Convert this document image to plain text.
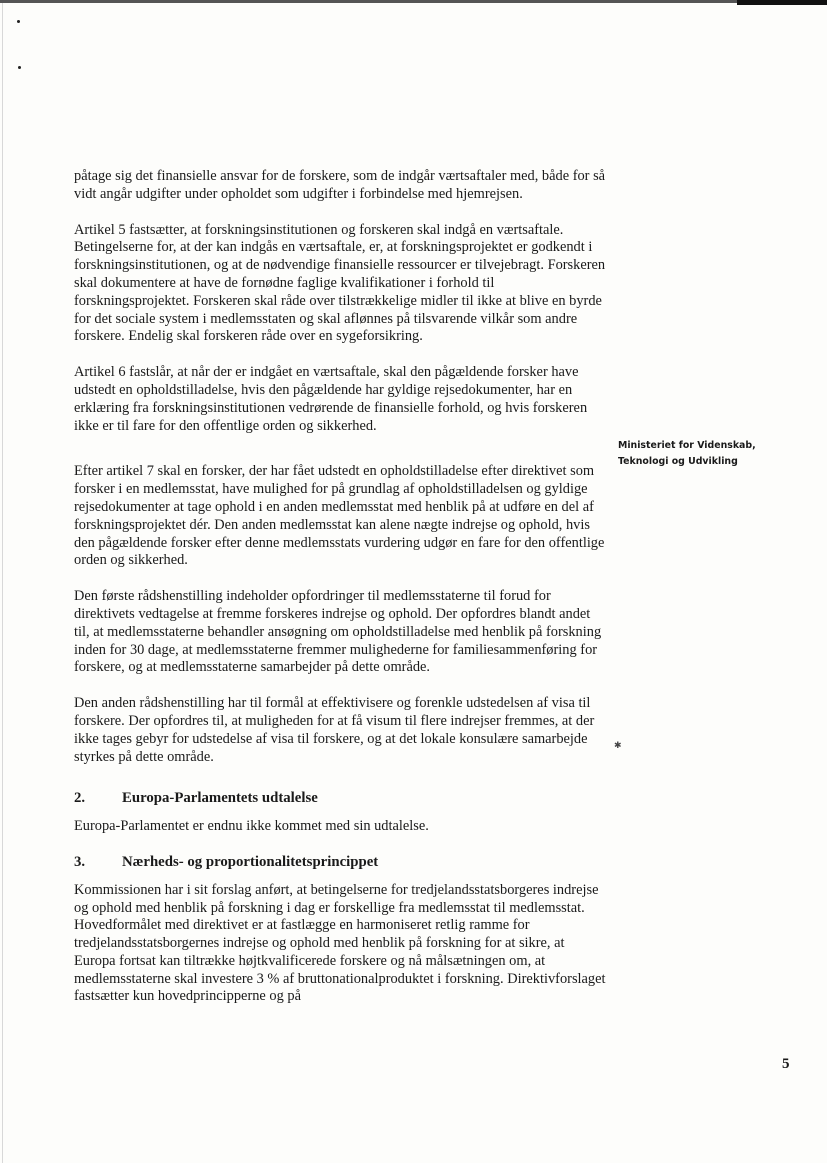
påtage sig det finansielle ansvar for de forskere, som de indgår værtsaftaler med, både for så vidt angår udgifter under opholdet som udgifter i forbindelse med hjemrejsen.

Artikel 5 fastsætter, at forskningsinstitutionen og forskeren skal indgå en værtsaftale. Betingelserne for, at der kan indgås en værtsaftale, er, at forskningsprojektet er godkendt i forskningsinstitutionen, og at de nødvendige finansielle ressourcer er tilvejebragt. Forskeren skal dokumentere at have de fornødne faglige kvalifikationer i forhold til forskningsprojektet. Forskeren skal råde over tilstrækkelige midler til ikke at blive en byrde for det sociale system i medlemsstaten og skal aflønnes på tilsvarende vilkår som andre forskere. Endelig skal forskeren råde over en sygeforsikring.

Artikel 6 fastslår, at når der er indgået en værtsaftale, skal den pågældende forsker have udstedt en opholdstilladelse, hvis den pågældende har gyldige rejsedokumenter, har en erklæring fra forskningsinstitutionen vedrørende de finansielle forhold, og hvis forskeren ikke er til fare for den offentlige orden og sikkerhed.

Efter artikel 7 skal en forsker, der har fået udstedt en opholdstilladelse efter direktivet som forsker i en medlemsstat, have mulighed for på grundlag af opholdstilladelsen og gyldige rejsedokumenter at tage ophold i en anden medlemsstat med henblik på at udføre en del af forskningsprojektet dér. Den anden medlemsstat kan alene nægte indrejse og ophold, hvis den pågældende forsker efter denne medlemsstats vurdering udgør en fare for den offentlige orden og sikkerhed.

Den første rådshenstilling indeholder opfordringer til medlemsstaterne til forud for direktivets vedtagelse at fremme forskeres indrejse og ophold. Der opfordres blandt andet til, at medlemsstaterne behandler ansøgning om opholdstilladelse med henblik på forskning inden for 30 dage, at medlemsstaterne fremmer mulighederne for familiesammenføring for forskere, og at medlemsstaterne samarbejder på dette område.

Den anden rådshenstilling har til formål at effektivisere og forenkle udstedelsen af visa til forskere. Der opfordres til, at muligheden for at få visum til flere indrejser fremmes, at der ikke tages gebyr for udstedelse af visa til forskere, og at det lokale konsulære samarbejde styrkes på dette område.

2.	Europa-Parlamentets udtalelse

Europa-Parlamentet er endnu ikke kommet med sin udtalelse.

3.	Nærheds- og proportionalitetsprincippet

Kommissionen har i sit forslag anført, at betingelserne for tredjelandsstatsborgeres indrejse og ophold med henblik på forskning i dag er forskellige fra medlemsstat til medlemsstat. Hovedformålet med direktivet er at fastlægge en harmoniseret retlig ramme for tredjelandsstatsborgernes indrejse og ophold med henblik på forskning for at sikre, at Europa fortsat kan tiltrække højtkvalificerede forskere og nå målsætningen om, at medlemsstaterne skal investere 3 % af bruttonationalproduktet i forskning. Direktivforslaget fastsætter kun hovedprincipperne og på

Ministeriet for Videnskab,
Teknologi og Udvikling
✱
5
